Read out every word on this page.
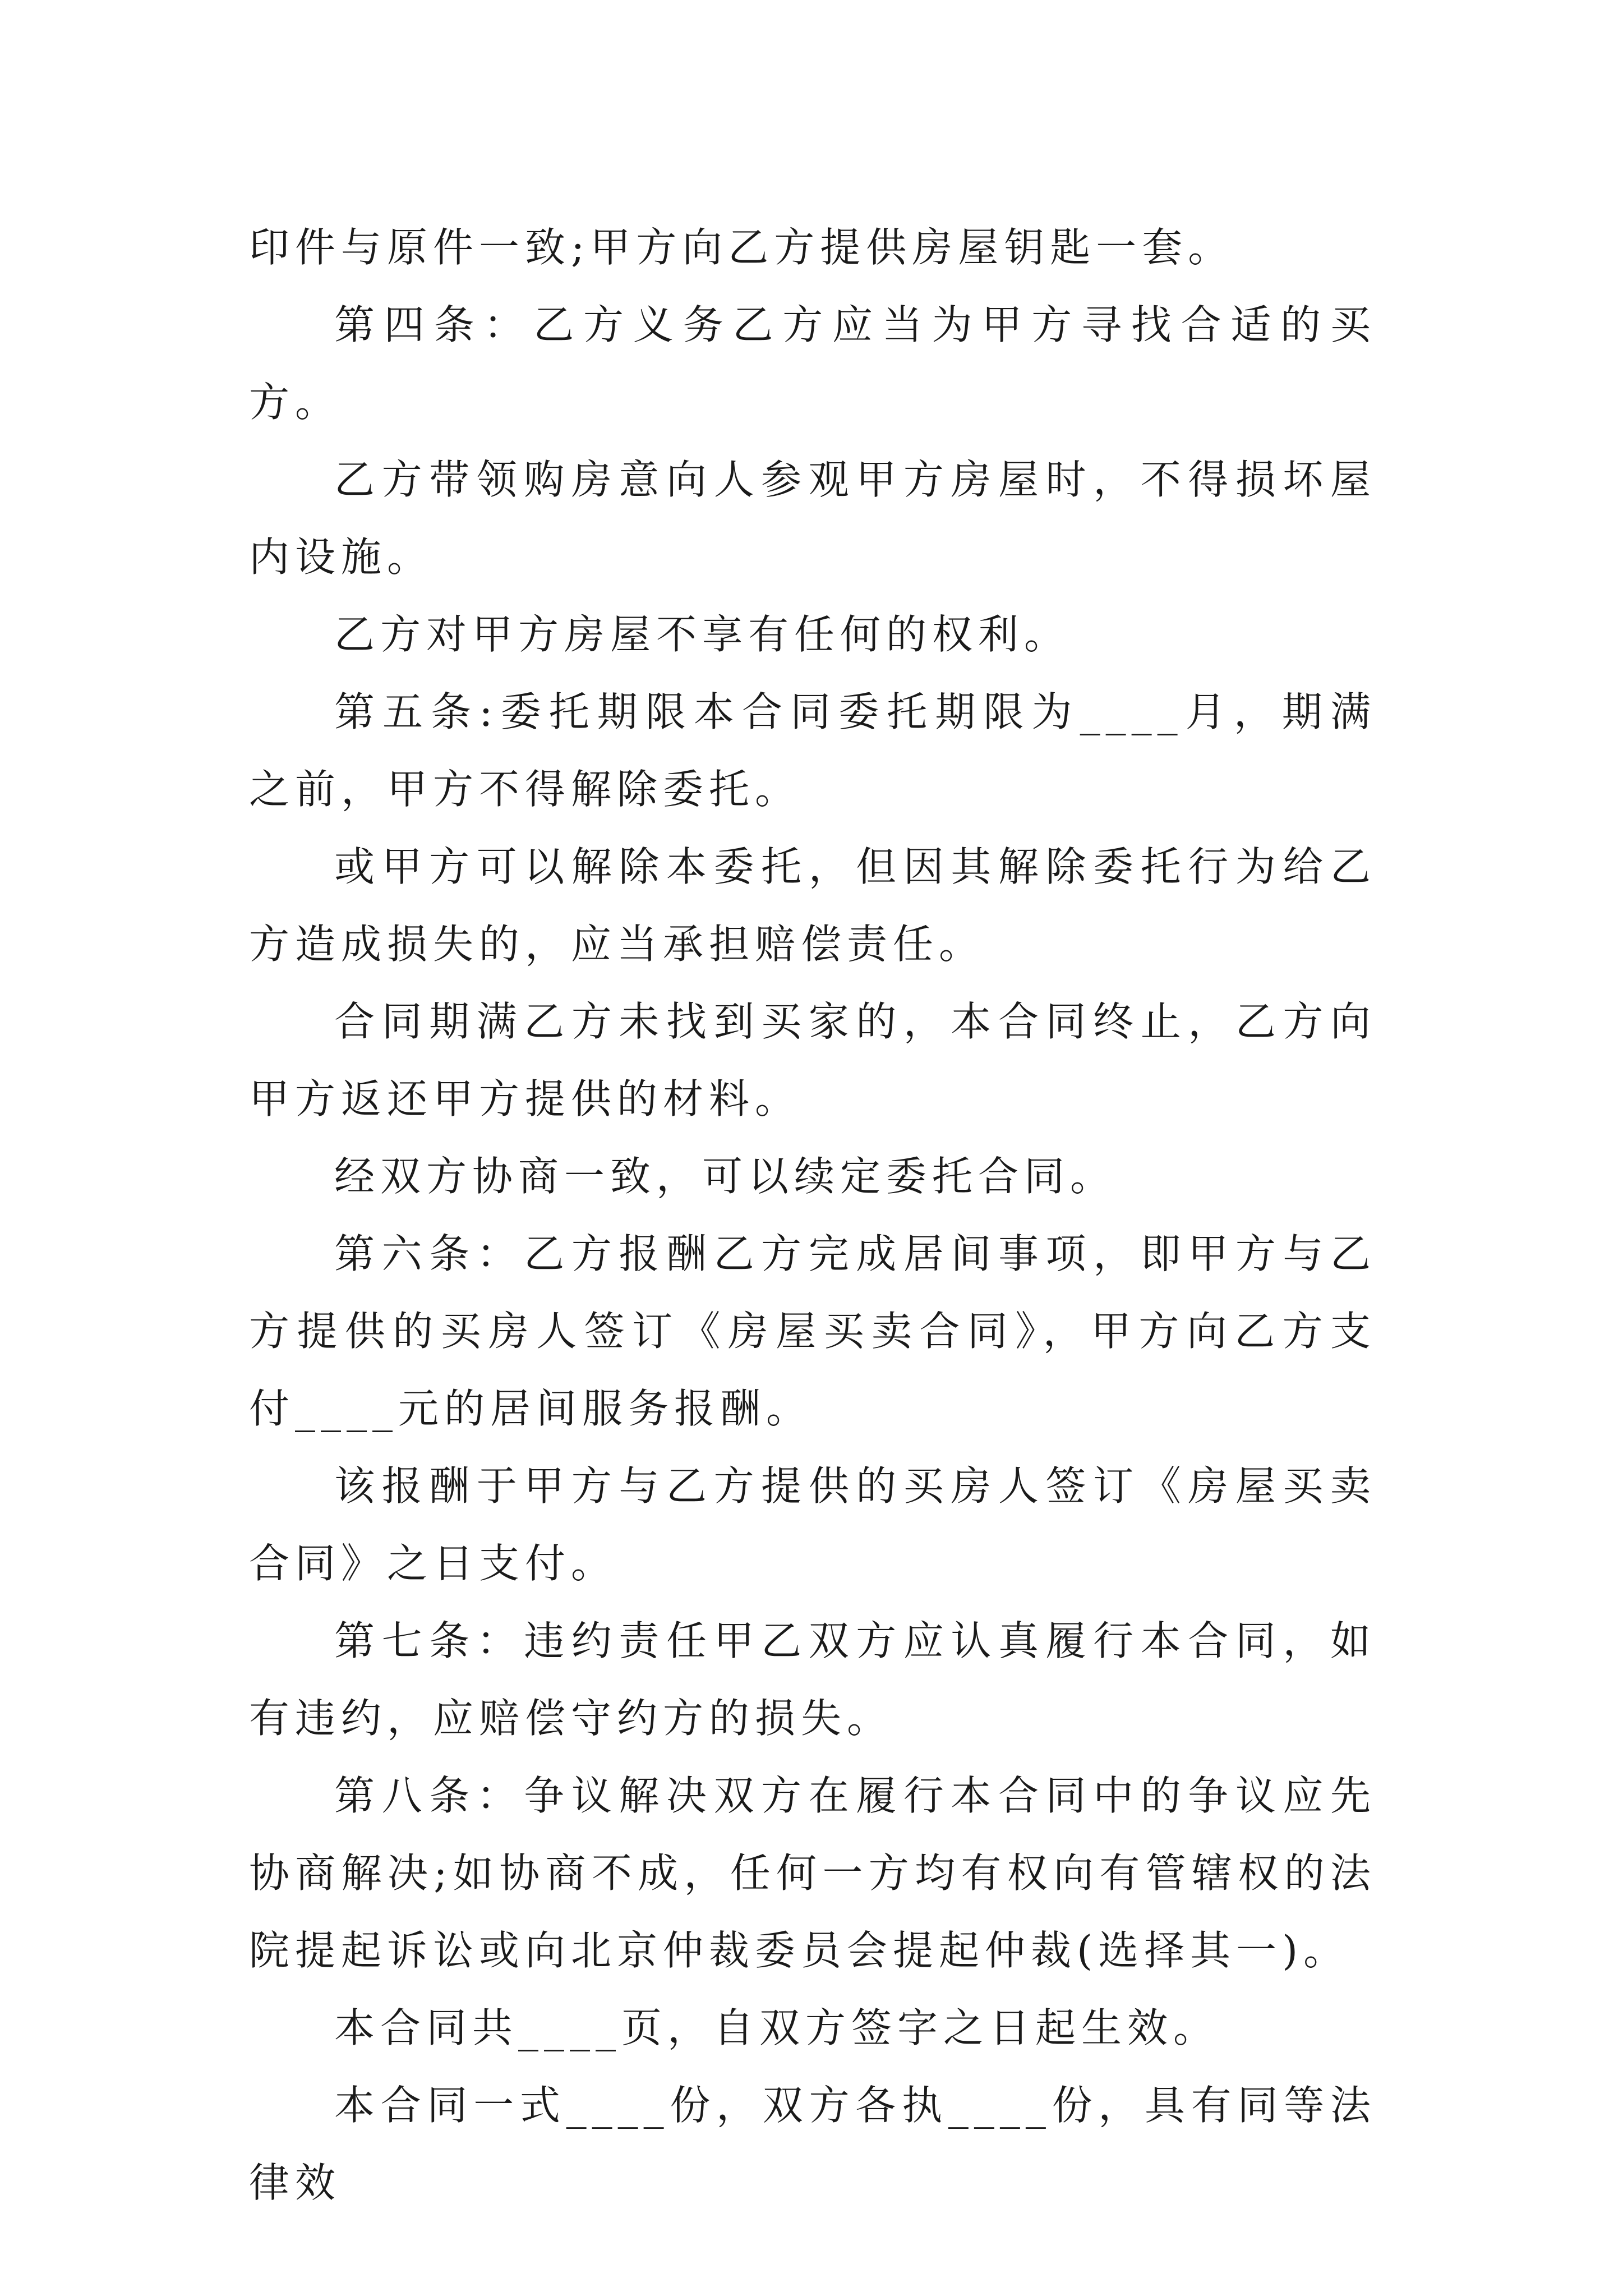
印件与原件一致;甲方向乙方提供房屋钥匙一套。

第四条：乙方义务乙方应当为甲方寻找合适的买方。

乙方带领购房意向人参观甲方房屋时，不得损坏屋内设施。

乙方对甲方房屋不享有任何的权利。

第五条:委托期限本合同委托期限为____月，期满之前，甲方不得解除委托。

或甲方可以解除本委托，但因其解除委托行为给乙方造成损失的，应当承担赔偿责任。

合同期满乙方未找到买家的，本合同终止，乙方向甲方返还甲方提供的材料。

经双方协商一致，可以续定委托合同。

第六条：乙方报酬乙方完成居间事项，即甲方与乙方提供的买房人签订《房屋买卖合同》，甲方向乙方支付____元的居间服务报酬。

该报酬于甲方与乙方提供的买房人签订《房屋买卖合同》之日支付。

第七条：违约责任甲乙双方应认真履行本合同，如有违约，应赔偿守约方的损失。

第八条：争议解决双方在履行本合同中的争议应先协商解决;如协商不成，任何一方均有权向有管辖权的法院提起诉讼或向北京仲裁委员会提起仲裁(选择其一)。

本合同共____页，自双方签字之日起生效。

本合同一式____份，双方各执____份，具有同等法律效
